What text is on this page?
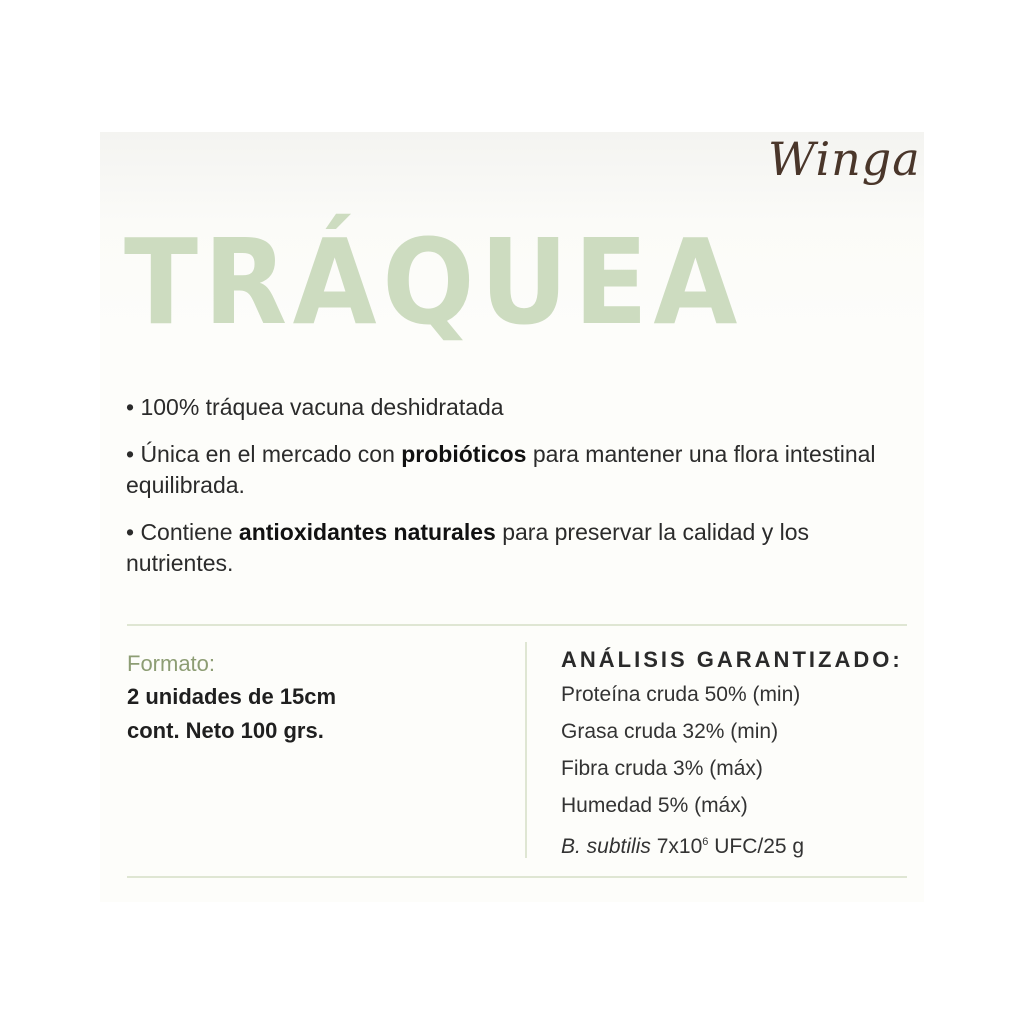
Winga
TRÁQUEA

• 100% tráquea vacuna deshidratada

• Única en el mercado con probióticos para mantener una flora intestinal equilibrada.

• Contiene antioxidantes naturales para preservar la calidad y los nutrientes.

Formato:
2 unidades de 15cm
cont. Neto 100 grs.
ANÁLISIS GARANTIZADO:
Proteína cruda 50% (min)
Grasa cruda 32% (min)
Fibra cruda 3% (máx)
Humedad 5% (máx)
B. subtilis $7x10^6$ UFC/25 g
